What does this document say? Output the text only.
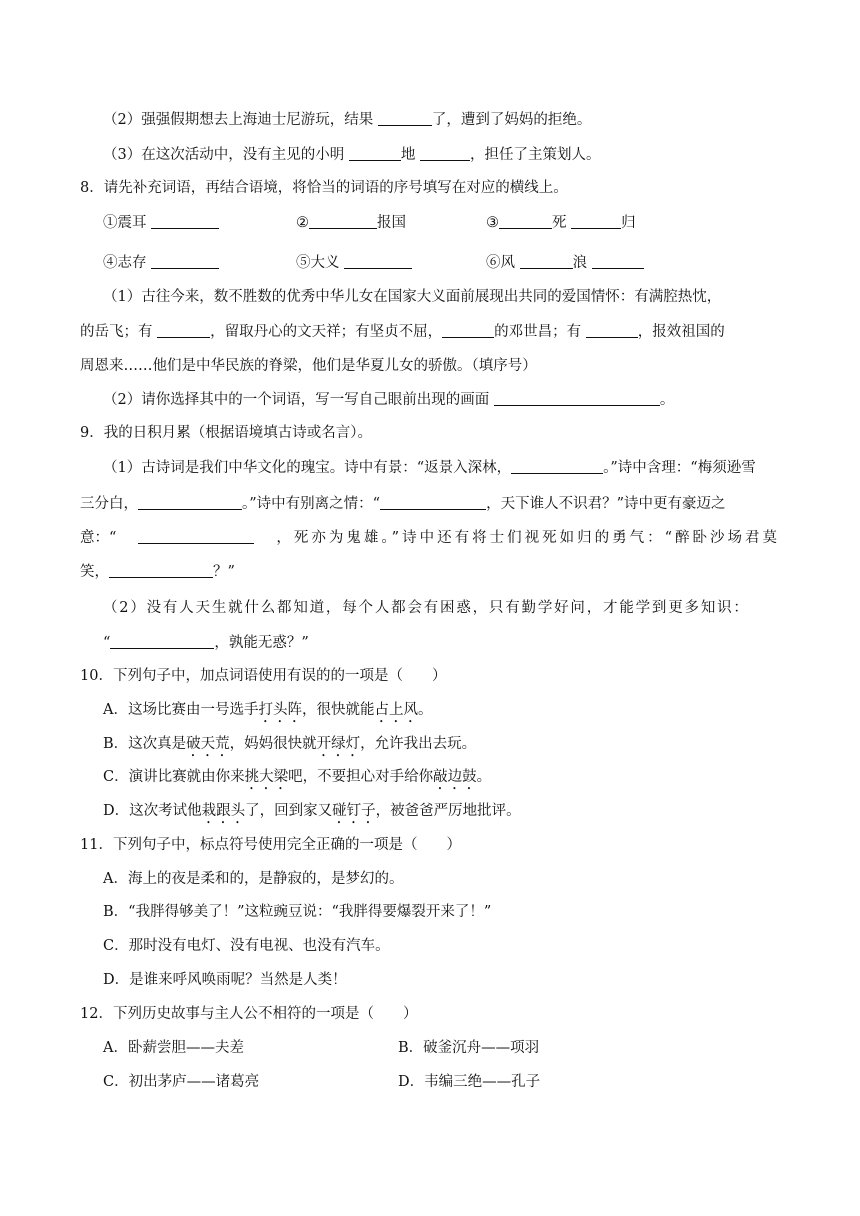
（2）强强假期想去上海迪士尼游玩，结果	了，遭到了妈妈的拒绝。
（3）在这次活动中，没有主见的小明	地	，担任了主策划人。
8．请先补充词语，再结合语境，将恰当的词语的序号填写在对应的横线上。
①震耳	②	报国	③	死	归
④志存	⑤大义	⑥风	浪
（1）古往今来，数不胜数的优秀中华儿女在国家大义面前展现出共同的爱国情怀：有满腔热忱，
的岳飞；有	，留取丹心的文天祥；有坚贞不屈，	的邓世昌；有	，报效祖国的
周恩来……他们是中华民族的脊梁，他们是华夏儿女的骄傲。（填序号）
（2）请你选择其中的一个词语，写一写自己眼前出现的画面	。
9．我的日积月累（根据语境填古诗或名言）。
（1）古诗词是我们中华文化的瑰宝。诗中有景：“返景入深林，	。”诗中含理：“梅须逊雪
三分白，	。”诗中有别离之情：“	，天下谁人不识君？”诗中更有豪迈之
意：“	，死亦为鬼雄。”诗中还有将士们视死如归的勇气：“醉卧沙场君莫
笑，	？”
（2）没有人天生就什么都知道，每个人都会有困惑，只有勤学好问，才能学到更多知识：
“	，孰能无惑？”
10．下列句子中，加点词语使用有误的的一项是（　　）
A．这场比赛由一号选手打头阵，很快就能占上风。
B．这次真是破天荒，妈妈很快就开绿灯，允许我出去玩。
C．演讲比赛就由你来挑大梁吧，不要担心对手给你敲边鼓。
D．这次考试他栽跟头了，回到家又碰钉子，被爸爸严厉地批评。
11．下列句子中，标点符号使用完全正确的一项是（　　）
A．海上的夜是柔和的，是静寂的，是梦幻的。
B．“我胖得够美了！”这粒豌豆说：“我胖得要爆裂开来了！”
C．那时没有电灯、没有电视、也没有汽车。
D．是谁来呼风唤雨呢？当然是人类！
12．下列历史故事与主人公不相符的一项是（　　）
A．卧薪尝胆——夫差	B．破釜沉舟——项羽
C．初出茅庐——诸葛亮	D．韦编三绝——孔子
